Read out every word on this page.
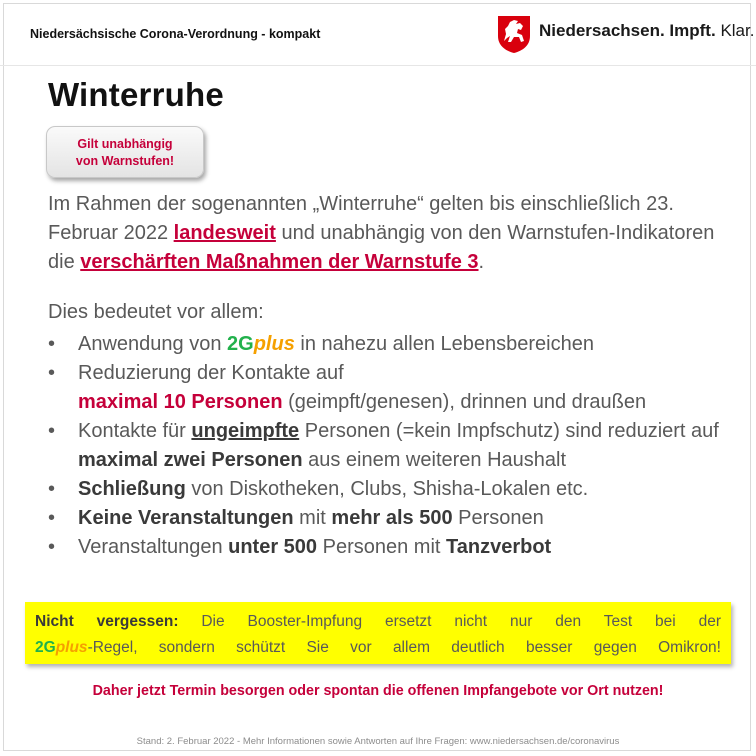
Niedersächsische Corona-Verordnung - kompakt	Niedersachsen. Impft. Klar.
Winterruhe
Gilt unabhängig
von Warnstufen!
Im Rahmen der sogenannten „Winterruhe“ gelten bis einschließlich 23. Februar 2022 landesweit und unabhängig von den Warnstufen-Indikatoren die verschärften Maßnahmen der Warnstufe 3.
Dies bedeutet vor allem:
• Anwendung von 2Gplus in nahezu allen Lebensbereichen
• Reduzierung der Kontakte auf
maximal 10 Personen (geimpft/genesen), drinnen und draußen
• Kontakte für ungeimpfte Personen (=kein Impfschutz) sind reduziert auf maximal zwei Personen aus einem weiteren Haushalt
• Schließung von Diskotheken, Clubs, Shisha-Lokalen etc.
• Keine Veranstaltungen mit mehr als 500 Personen
• Veranstaltungen unter 500 Personen mit Tanzverbot
Nicht vergessen: Die Booster-Impfung ersetzt nicht nur den Test bei der
2Gplus-Regel, sondern schützt Sie vor allem deutlich besser gegen Omikron!
Daher jetzt Termin besorgen oder spontan die offenen Impfangebote vor Ort nutzen!
Stand: 2. Februar 2022 - Mehr Informationen sowie Antworten auf Ihre Fragen: www.niedersachsen.de/coronavirus
